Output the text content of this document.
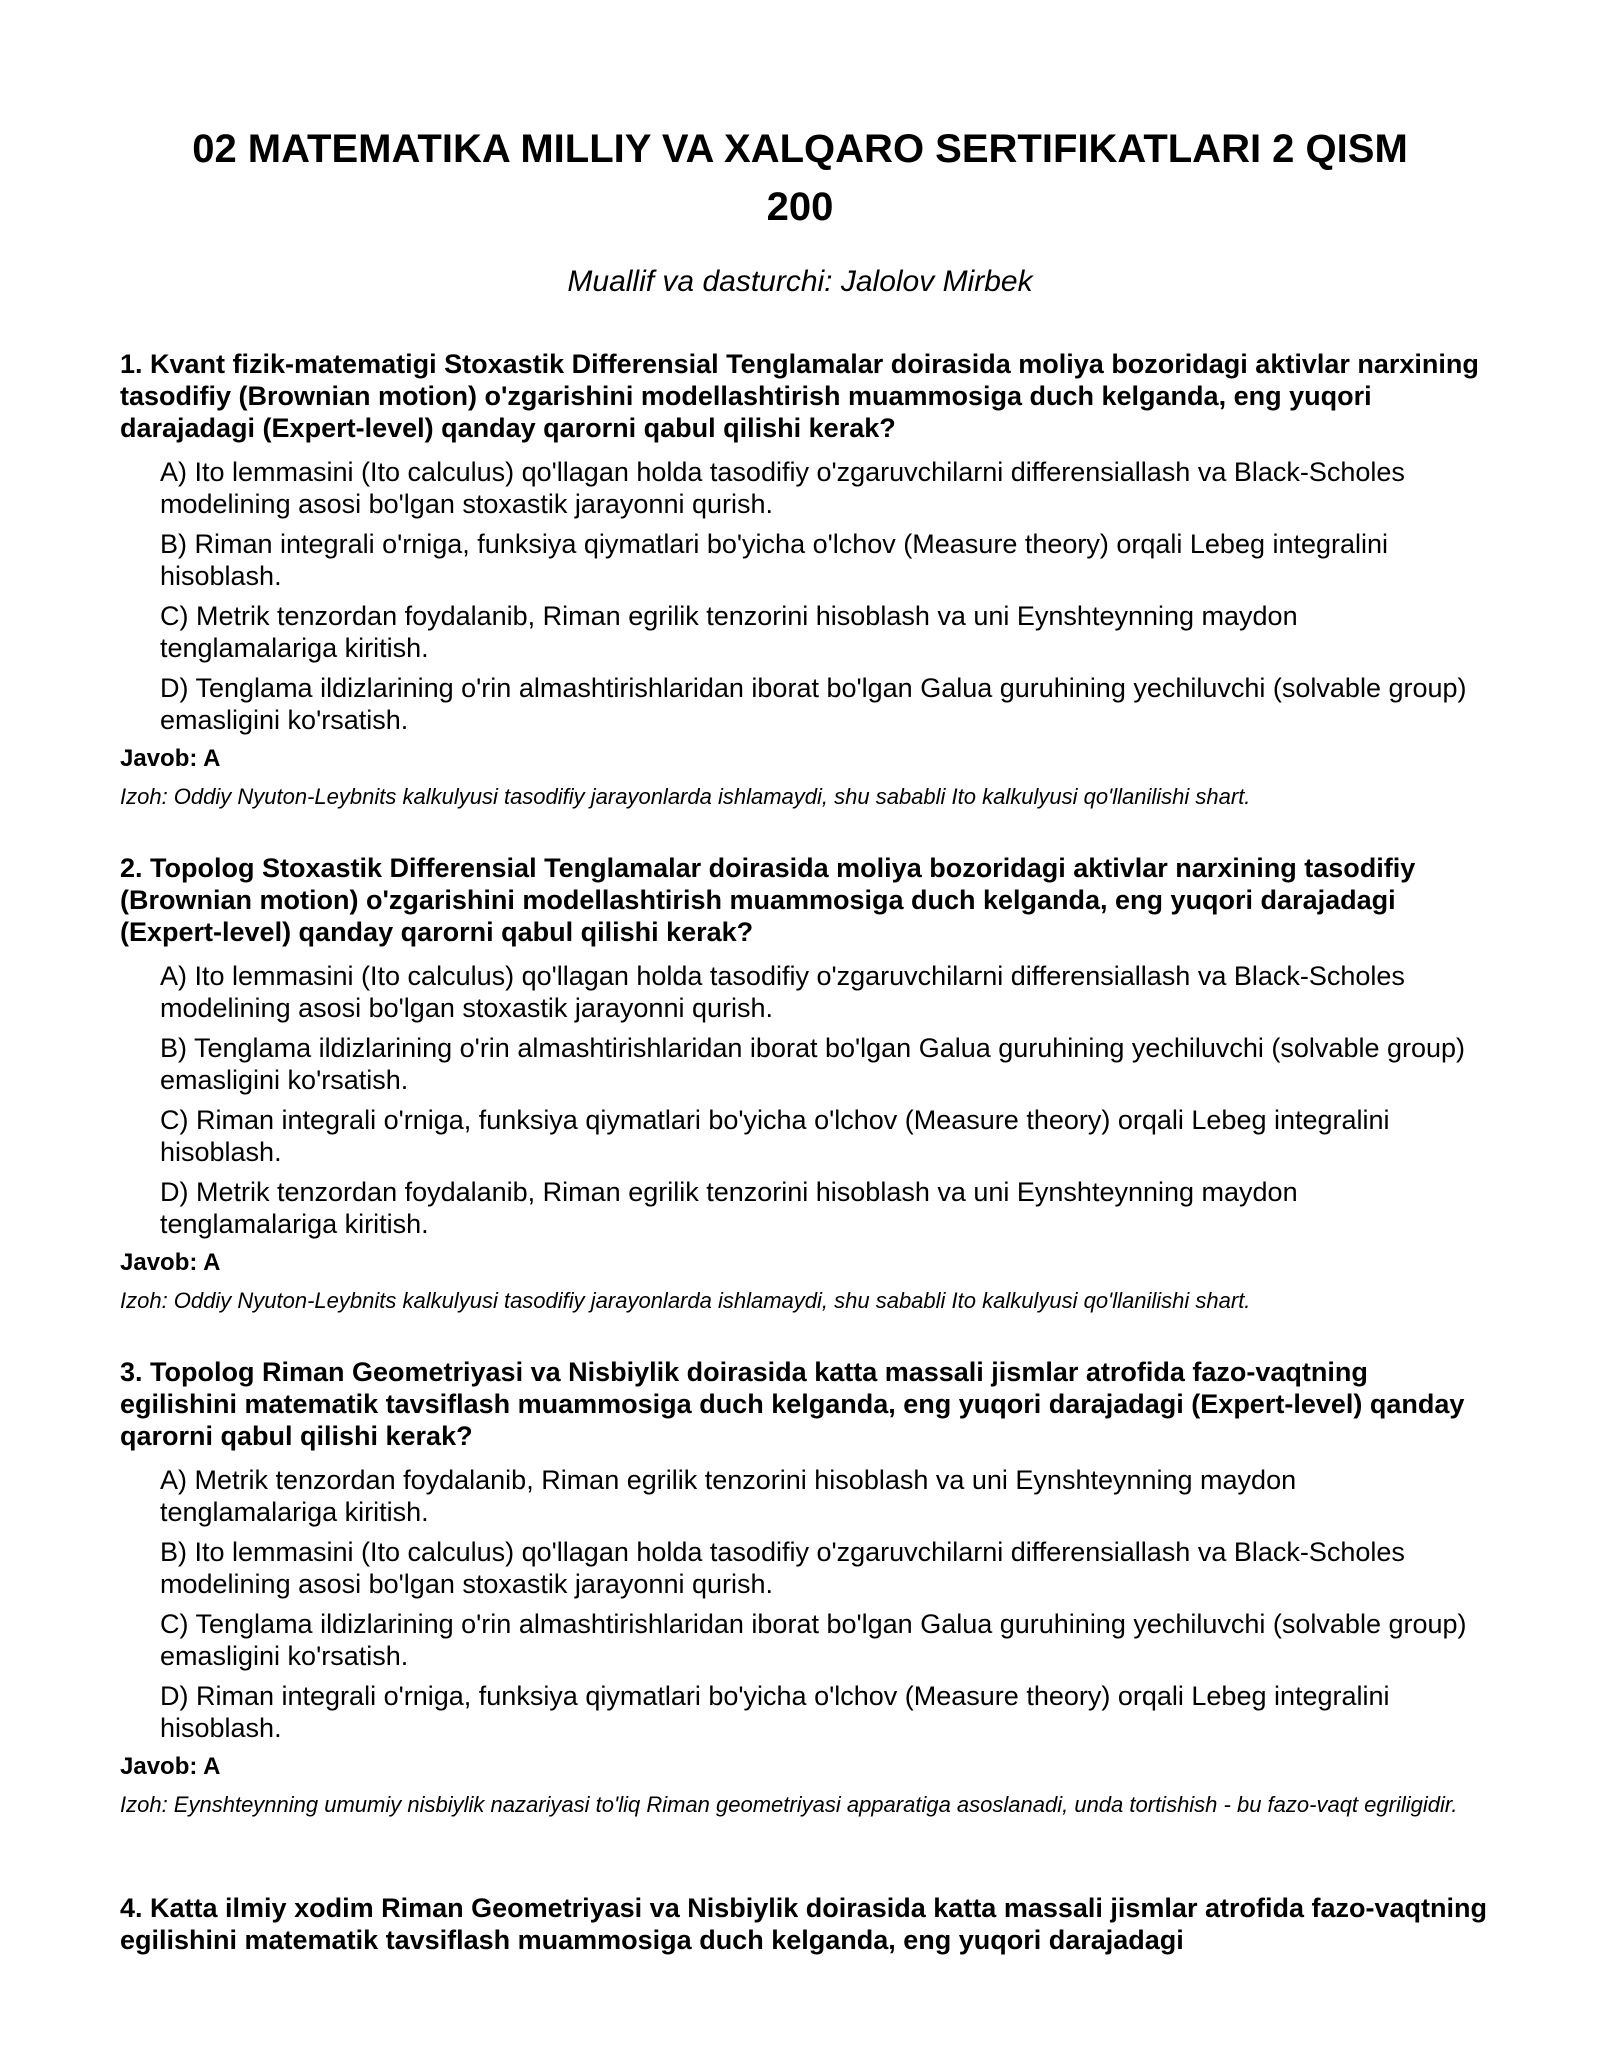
02 MATEMATIKA MILLIY VA XALQARO SERTIFIKATLARI 2 QISM
200
Muallif va dasturchi: Jalolov Mirbek

1. Kvant fizik-matematigi Stoxastik Differensial Tenglamalar doirasida moliya bozoridagi aktivlar narxining tasodifiy (Brownian motion) o'zgarishini modellashtirish muammosiga duch kelganda, eng yuqori darajadagi (Expert-level) qanday qarorni qabul qilishi kerak?

A) Ito lemmasini (Ito calculus) qo'llagan holda tasodifiy o'zgaruvchilarni differensiallash va Black-Scholes modelining asosi bo'lgan stoxastik jarayonni qurish.
B) Riman integrali o'rniga, funksiya qiymatlari bo'yicha o'lchov (Measure theory) orqali Lebeg integralini hisoblash.
C) Metrik tenzordan foydalanib, Riman egrilik tenzorini hisoblash va uni Eynshteynning maydon tenglamalariga kiritish.
D) Tenglama ildizlarining o'rin almashtirishlaridan iborat bo'lgan Galua guruhining yechiluvchi (solvable group) emasligini ko'rsatish.
Javob: A
Izoh: Oddiy Nyuton-Leybnits kalkulyusi tasodifiy jarayonlarda ishlamaydi, shu sababli Ito kalkulyusi qo'llanilishi shart.

2. Topolog Stoxastik Differensial Tenglamalar doirasida moliya bozoridagi aktivlar narxining tasodifiy (Brownian motion) o'zgarishini modellashtirish muammosiga duch kelganda, eng yuqori darajadagi (Expert-level) qanday qarorni qabul qilishi kerak?

A) Ito lemmasini (Ito calculus) qo'llagan holda tasodifiy o'zgaruvchilarni differensiallash va Black-Scholes modelining asosi bo'lgan stoxastik jarayonni qurish.
B) Tenglama ildizlarining o'rin almashtirishlaridan iborat bo'lgan Galua guruhining yechiluvchi (solvable group) emasligini ko'rsatish.
C) Riman integrali o'rniga, funksiya qiymatlari bo'yicha o'lchov (Measure theory) orqali Lebeg integralini hisoblash.
D) Metrik tenzordan foydalanib, Riman egrilik tenzorini hisoblash va uni Eynshteynning maydon tenglamalariga kiritish.
Javob: A
Izoh: Oddiy Nyuton-Leybnits kalkulyusi tasodifiy jarayonlarda ishlamaydi, shu sababli Ito kalkulyusi qo'llanilishi shart.

3. Topolog Riman Geometriyasi va Nisbiylik doirasida katta massali jismlar atrofida fazo-vaqtning egilishini matematik tavsiflash muammosiga duch kelganda, eng yuqori darajadagi (Expert-level) qanday qarorni qabul qilishi kerak?

A) Metrik tenzordan foydalanib, Riman egrilik tenzorini hisoblash va uni Eynshteynning maydon tenglamalariga kiritish.
B) Ito lemmasini (Ito calculus) qo'llagan holda tasodifiy o'zgaruvchilarni differensiallash va Black-Scholes modelining asosi bo'lgan stoxastik jarayonni qurish.
C) Tenglama ildizlarining o'rin almashtirishlaridan iborat bo'lgan Galua guruhining yechiluvchi (solvable group) emasligini ko'rsatish.
D) Riman integrali o'rniga, funksiya qiymatlari bo'yicha o'lchov (Measure theory) orqali Lebeg integralini hisoblash.
Javob: A
Izoh: Eynshteynning umumiy nisbiylik nazariyasi to'liq Riman geometriyasi apparatiga asoslanadi, unda tortishish - bu fazo-vaqt egriligidir.

4. Katta ilmiy xodim Riman Geometriyasi va Nisbiylik doirasida katta massali jismlar atrofida fazo-vaqtning egilishini matematik tavsiflash muammosiga duch kelganda, eng yuqori darajadagi
